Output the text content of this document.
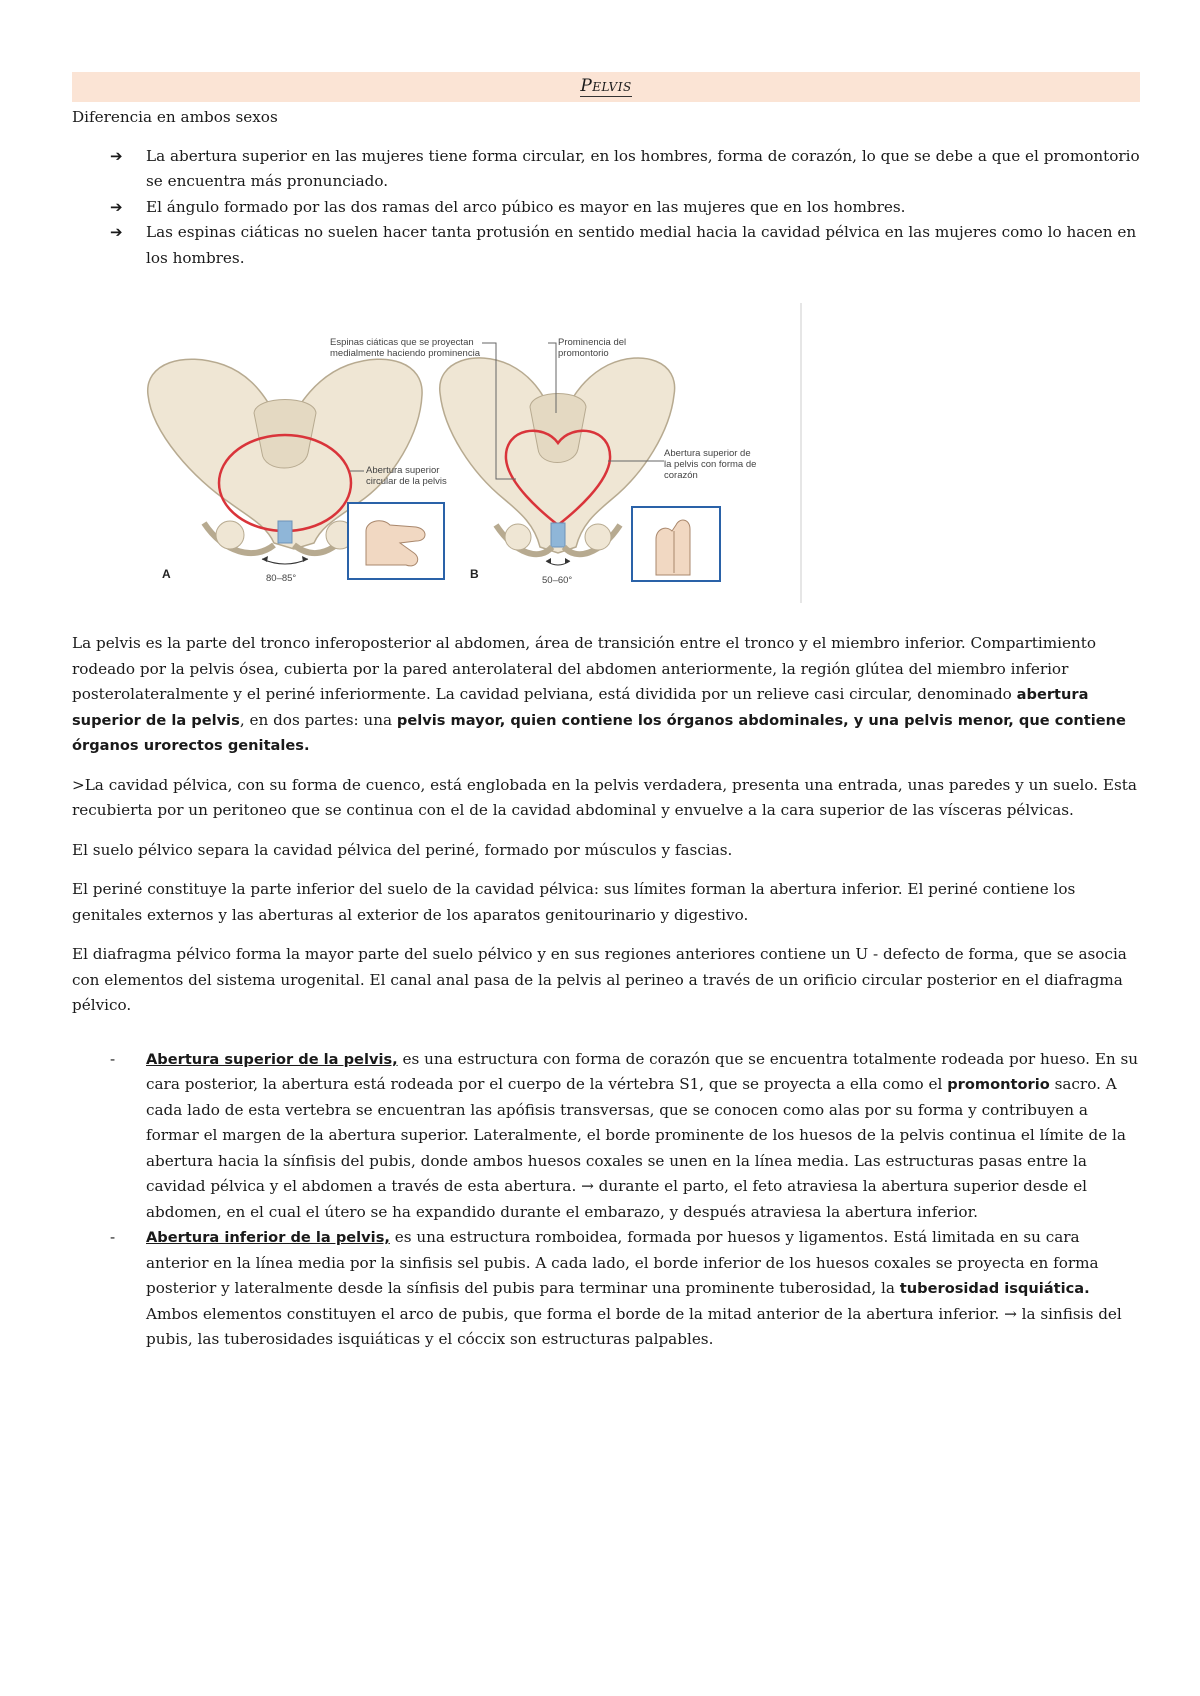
Pelvis

Diferencia en ambos sexos

➔ La abertura superior en las mujeres tiene forma circular, en los hombres, forma de corazón, lo que se debe a que el promontorio se encuentra más pronunciado.
➔ El ángulo formado por las dos ramas del arco púbico es mayor en las mujeres que en los hombres.
➔ Las espinas ciáticas no suelen hacer tanta protusión en sentido medial hacia la cavidad pélvica en las mujeres como lo hacen en los hombres.
Espinas ciáticas que se proyectan medialmente haciendo prominencia
Prominencia del promontorio
Abertura superior de la pelvis con forma de corazón
Abertura superior circular de la pelvis
A	B
80–85°	50–60°

La pelvis es la parte del tronco inferoposterior al abdomen, área de transición entre el tronco y el miembro inferior. Compartimiento rodeado por la pelvis ósea, cubierta por la pared anterolateral del abdomen anteriormente, la región glútea del miembro inferior posterolateralmente y el periné inferiormente. La cavidad pelviana, está dividida por un relieve casi circular, denominado abertura superior de la pelvis, en dos partes: una pelvis mayor, quien contiene los órganos abdominales, y una pelvis menor, que contiene órganos urorectos genitales.

>La cavidad pélvica, con su forma de cuenco, está englobada en la pelvis verdadera, presenta una entrada, unas paredes y un suelo. Esta recubierta por un peritoneo que se continua con el de la cavidad abdominal y envuelve a la cara superior de las vísceras pélvicas.

El suelo pélvico separa la cavidad pélvica del periné, formado por músculos y fascias.

El periné constituye la parte inferior del suelo de la cavidad pélvica: sus límites forman la abertura inferior. El periné contiene los genitales externos y las aberturas al exterior de los aparatos genitourinario y digestivo.

El diafragma pélvico forma la mayor parte del suelo pélvico y en sus regiones anteriores contiene un U - defecto de forma, que se asocia con elementos del sistema urogenital. El canal anal pasa de la pelvis al perineo a través de un orificio circular posterior en el diafragma pélvico.

- Abertura superior de la pelvis, es una estructura con forma de corazón que se encuentra totalmente rodeada por hueso. En su cara posterior, la abertura está rodeada por el cuerpo de la vértebra S1, que se proyecta a ella como el promontorio sacro. A cada lado de esta vertebra se encuentran las apófisis transversas, que se conocen como alas por su forma y contribuyen a formar el margen de la abertura superior. Lateralmente, el borde prominente de los huesos de la pelvis continua el límite de la abertura hacia la sínfisis del pubis, donde ambos huesos coxales se unen en la línea media. Las estructuras pasas entre la cavidad pélvica y el abdomen a través de esta abertura. → durante el parto, el feto atraviesa la abertura superior desde el abdomen, en el cual el útero se ha expandido durante el embarazo, y después atraviesa la abertura inferior.
- Abertura inferior de la pelvis, es una estructura romboidea, formada por huesos y ligamentos. Está limitada en su cara anterior en la línea media por la sinfisis sel pubis. A cada lado, el borde inferior de los huesos coxales se proyecta en forma posterior y lateralmente desde la sínfisis del pubis para terminar una prominente tuberosidad, la tuberosidad isquiática. Ambos elementos constituyen el arco de pubis, que forma el borde de la mitad anterior de la abertura inferior. → la sinfisis del pubis, las tuberosidades isquiáticas y el cóccix son estructuras palpables.
